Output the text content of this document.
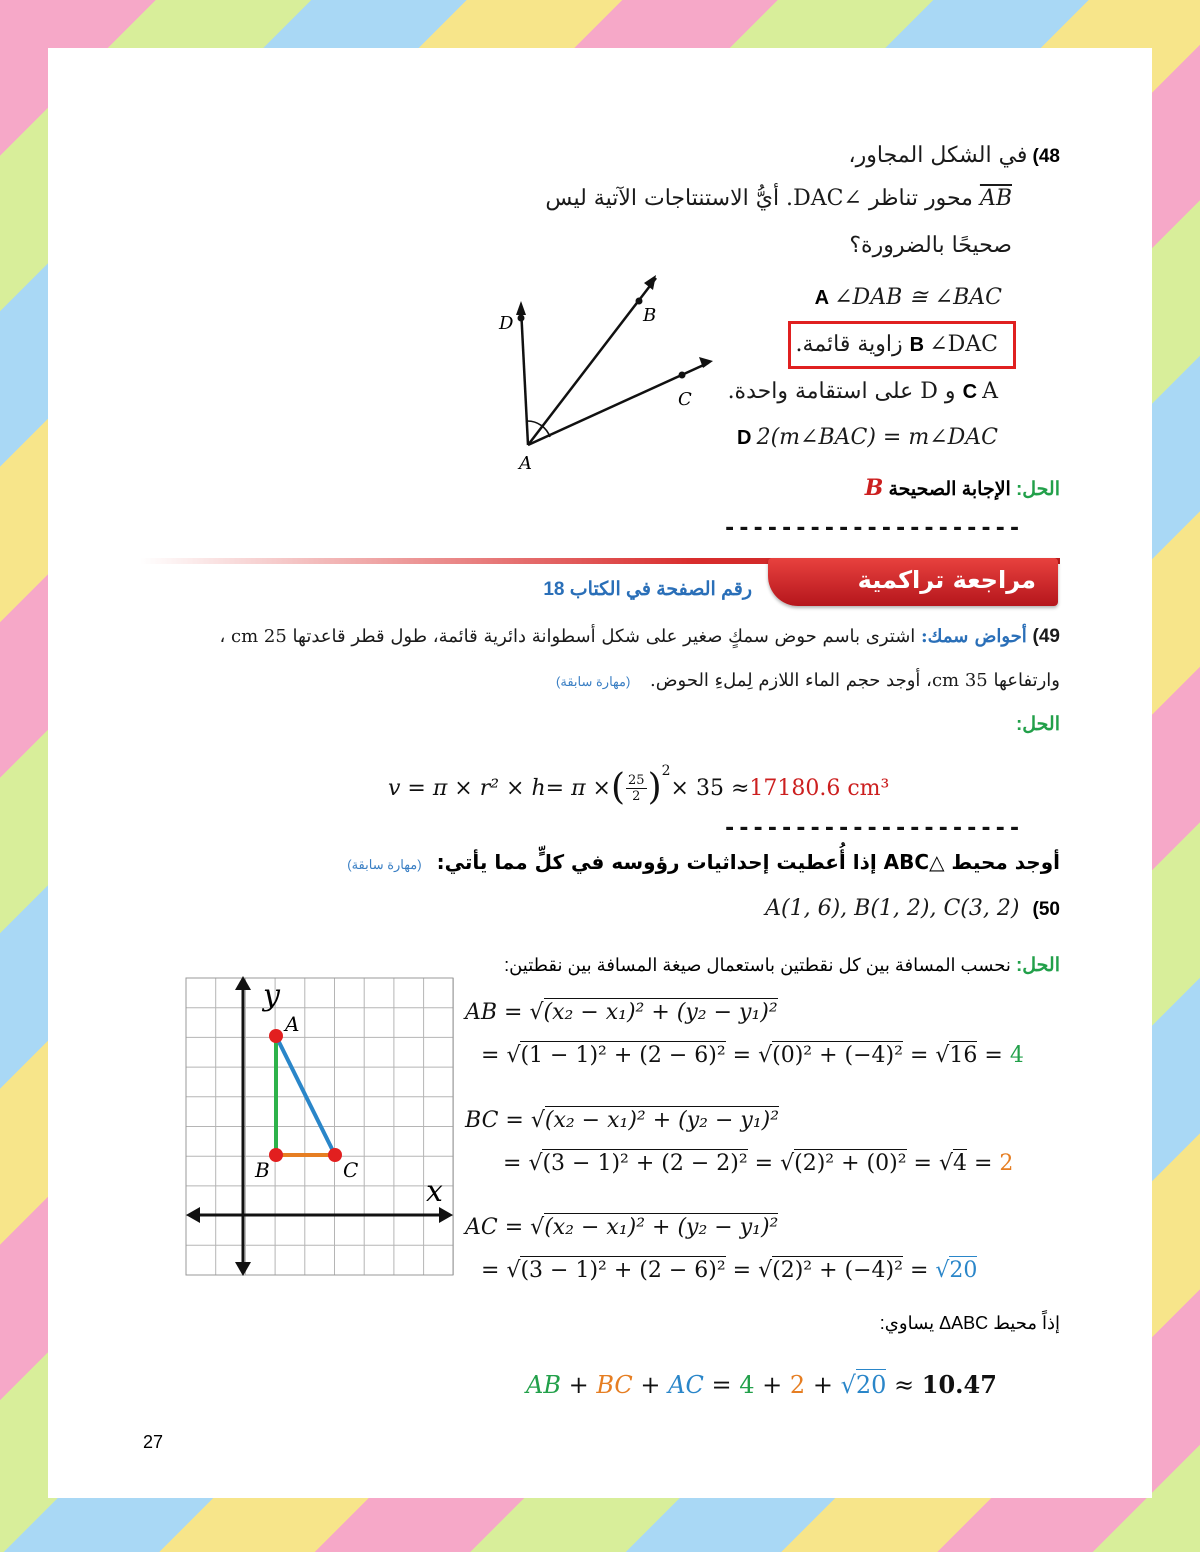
48) في الشكل المجاور،
AB محور تناظر ∠DAC. أيُّ الاستنتاجات الآتية ليس
صحيحًا بالضرورة؟
D	B
C
A
A ∠DAB ≅ ∠BAC
B ∠DAC زاوية قائمة.
C A و D على استقامة واحدة.
D 2(m∠BAC) = m∠DAC
الحل: الإجابة الصحيحة B
---------------------
مراجعة تراكمية
رقم الصفحة في الكتاب 18
49) أحواض سمك: اشترى باسم حوض سمكٍ صغير على شكل أسطوانة دائرية قائمة، طول قطر قاعدتها 25 cm ،
وارتفاعها 35 cm، أوجد حجم الماء اللازم لِملءِ الحوض. (مهارة سابقة)
الحل:
v = π × r² × h= π × ( $\frac{25}{2} )^2$
× 35 ≈ 17180.6 cm³
---------------------
أوجد محيط △ABC إذا أُعطيت إحداثيات رؤوسه في كلٍّ مما يأتي: (مهارة سابقة)
50) A(1, 6), B(1, 2), C(3, 2)
الحل: نحسب المسافة بين كل نقطتين باستعمال صيغة المسافة بين نقطتين:
y
x
A
B	C
AB = √(x₂ − x₁)² + (y₂ − y₁)²
= √(1 − 1)² + (2 − 6)² = √(0)² + (−4)² = √16 = 4
BC = √(x₂ − x₁)² + (y₂ − y₁)²
= √(3 − 1)² + (2 − 2)² = √(2)² + (0)² = √4 = 2
AC = √(x₂ − x₁)² + (y₂ − y₁)²
= √(3 − 1)² + (2 − 6)² = √(2)² + (−4)² = √20
إذاً محيط ΔABC يساوي:
AB + BC + AC = 4 + 2 + √20 ≈ 10.47
27
